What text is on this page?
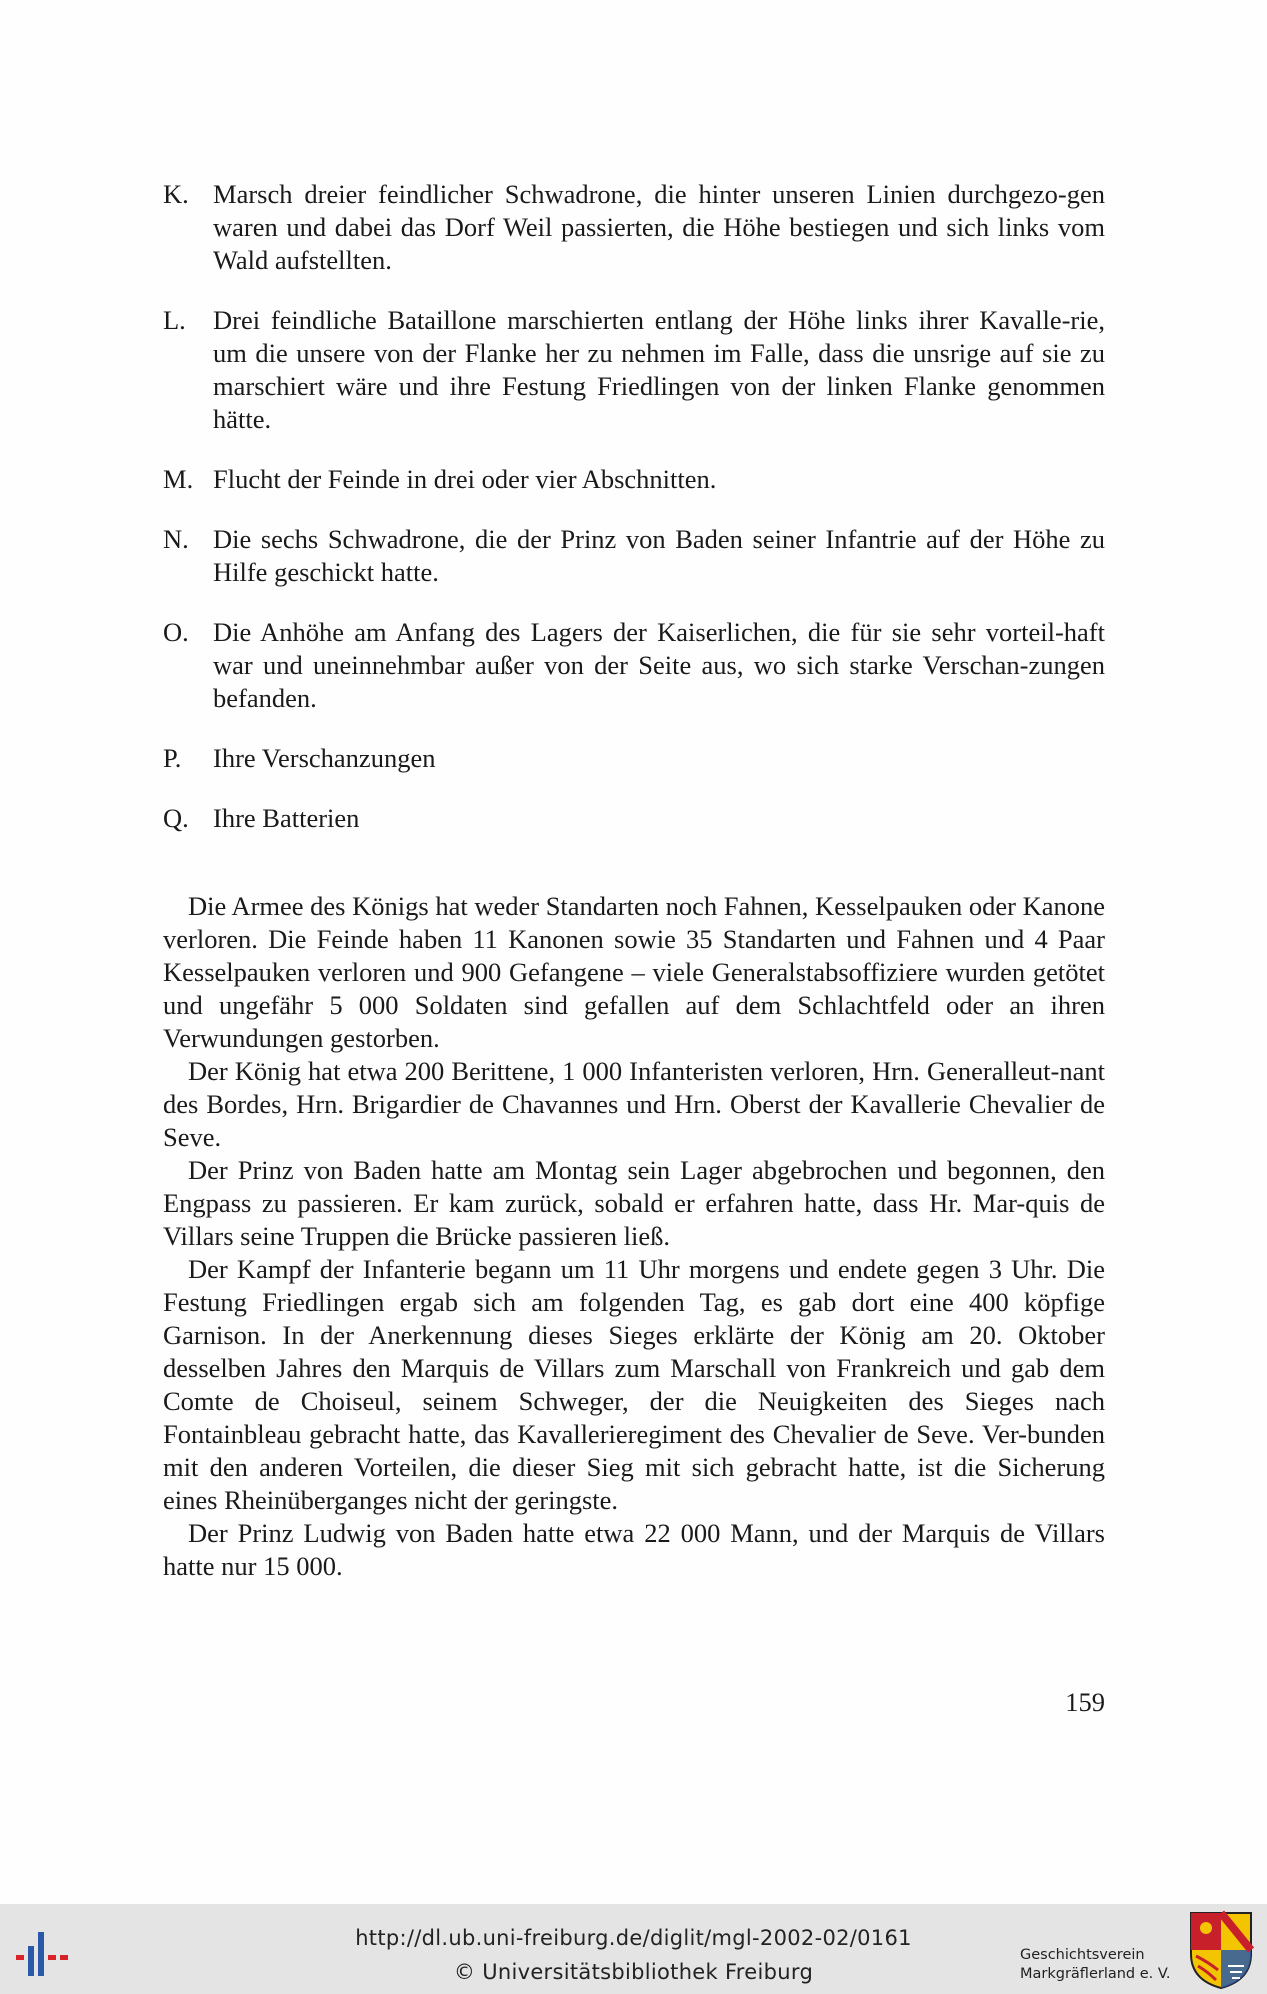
K. Marsch dreier feindlicher Schwadrone, die hinter unseren Linien durchgezo-gen waren und dabei das Dorf Weil passierten, die Höhe bestiegen und sich links vom Wald aufstellten.
L.	Drei feindliche Bataillone marschierten entlang der Höhe links ihrer Kavalle-rie, um die unsere von der Flanke her zu nehmen im Falle, dass die unsrige auf sie zu marschiert wäre und ihre Festung Friedlingen von der linken Flanke genommen hätte.
M. Flucht der Feinde in drei oder vier Abschnitten.
N. Die sechs Schwadrone, die der Prinz von Baden seiner Infantrie auf der Höhe zu Hilfe geschickt hatte.
O. Die Anhöhe am Anfang des Lagers der Kaiserlichen, die für sie sehr vorteil-haft war und uneinnehmbar außer von der Seite aus, wo sich starke Verschan-zungen befanden.
P.	Ihre Verschanzungen
Q. Ihre Batterien

Die Armee des Königs hat weder Standarten noch Fahnen, Kesselpauken oder Kanone verloren. Die Feinde haben 11 Kanonen sowie 35 Standarten und Fahnen und 4 Paar Kesselpauken verloren und 900 Gefangene – viele Generalstabsoffiziere wurden getötet und ungefähr 5 000 Soldaten sind gefallen auf dem Schlachtfeld oder an ihren Verwundungen gestorben.

Der König hat etwa 200 Berittene, 1 000 Infanteristen verloren, Hrn. Generalleut-nant des Bordes, Hrn. Brigardier de Chavannes und Hrn. Oberst der Kavallerie Chevalier de Seve.

Der Prinz von Baden hatte am Montag sein Lager abgebrochen und begonnen, den Engpass zu passieren. Er kam zurück, sobald er erfahren hatte, dass Hr. Mar-quis de Villars seine Truppen die Brücke passieren ließ.

Der Kampf der Infanterie begann um 11 Uhr morgens und endete gegen 3 Uhr. Die Festung Friedlingen ergab sich am folgenden Tag, es gab dort eine 400 köpfige Garnison. In der Anerkennung dieses Sieges erklärte der König am 20. Oktober desselben Jahres den Marquis de Villars zum Marschall von Frankreich und gab dem Comte de Choiseul, seinem Schweger, der die Neuigkeiten des Sieges nach Fontainbleau gebracht hatte, das Kavallerieregiment des Chevalier de Seve. Ver-bunden mit den anderen Vorteilen, die dieser Sieg mit sich gebracht hatte, ist die Sicherung eines Rheinüberganges nicht der geringste.

Der Prinz Ludwig von Baden hatte etwa 22 000 Mann, und der Marquis de Villars hatte nur 15 000.

159
http://dl.ub.uni-freiburg.de/diglit/mgl-2002-02/0161
© Universitätsbibliothek Freiburg
Geschichtsverein
Markgräflerland e. V.
